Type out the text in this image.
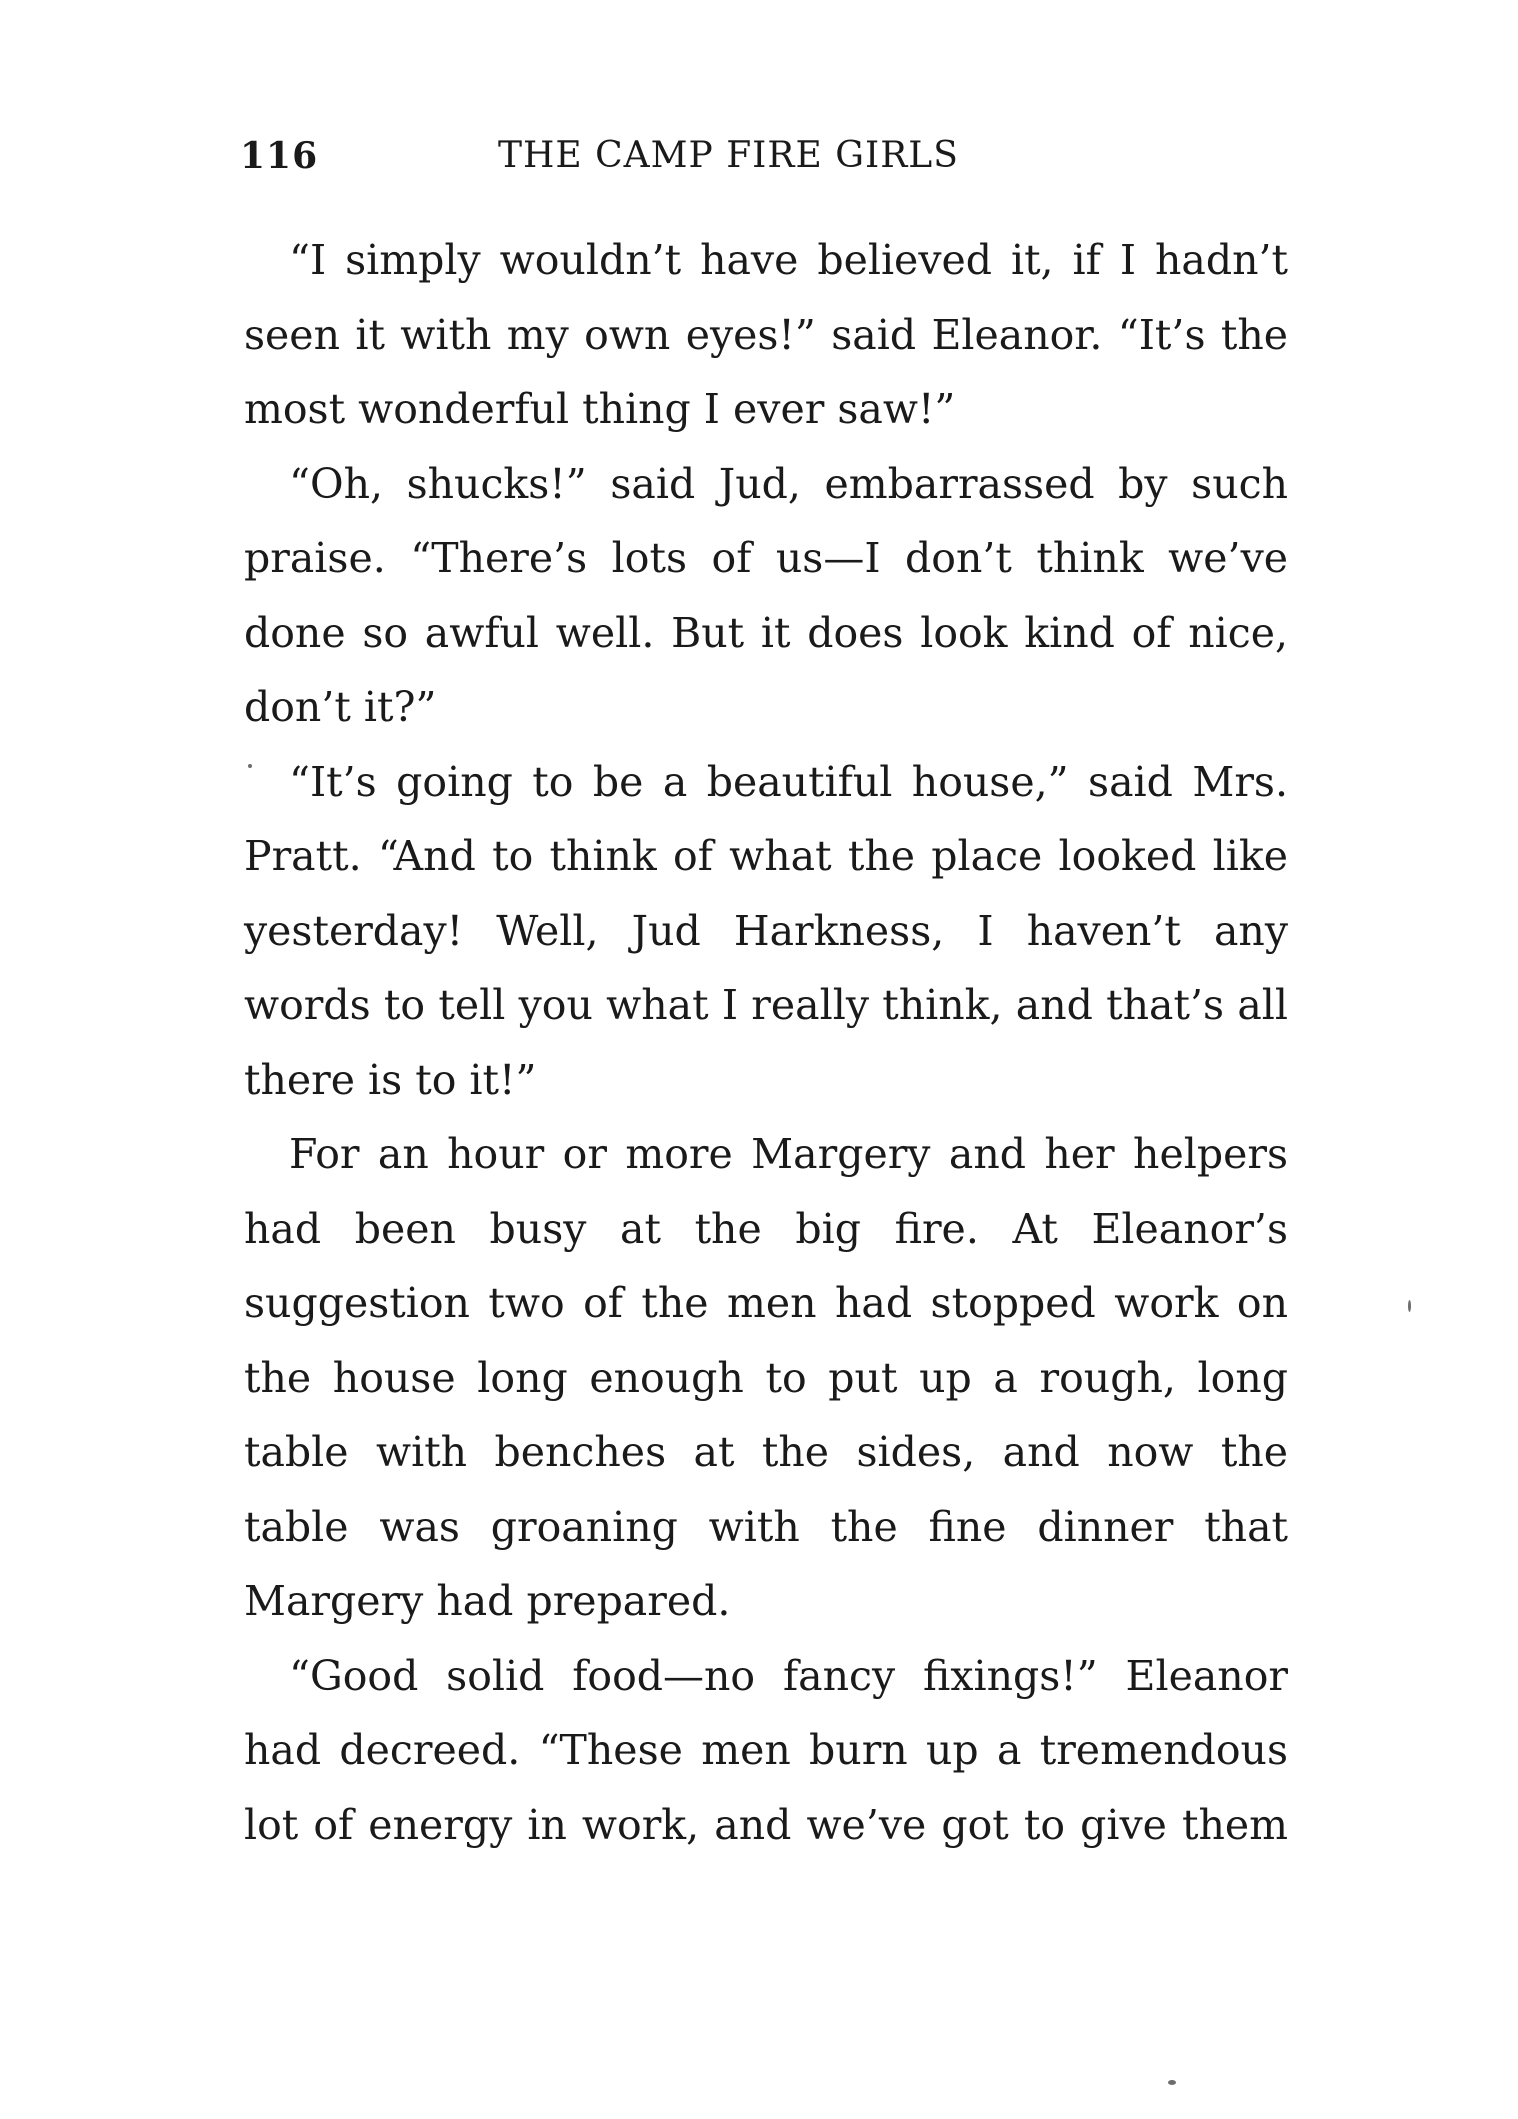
116	THE CAMP FIRE GIRLS

“I simply wouldn’t have believed it, if I hadn’t seen it with my own eyes!” said Eleanor. “It’s the most wonderful thing I ever saw!”

“Oh, shucks!” said Jud, embarrassed by such praise. “There’s lots of us—I don’t think we’ve done so awful well. But it does look kind of nice, don’t it?”

“It’s going to be a beautiful house,” said Mrs. Pratt. “And to think of what the place looked like yesterday! Well, Jud Harkness, I haven’t any words to tell you what I really think, and that’s all there is to it!”

For an hour or more Margery and her helpers had been busy at the big fire. At Eleanor’s suggestion two of the men had stopped work on the house long enough to put up a rough, long table with benches at the sides, and now the table was groaning with the fine dinner that Margery had prepared.

“Good solid food—no fancy fixings!” Eleanor had decreed. “These men burn up a tremendous lot of energy in work, and we’ve got to give them
